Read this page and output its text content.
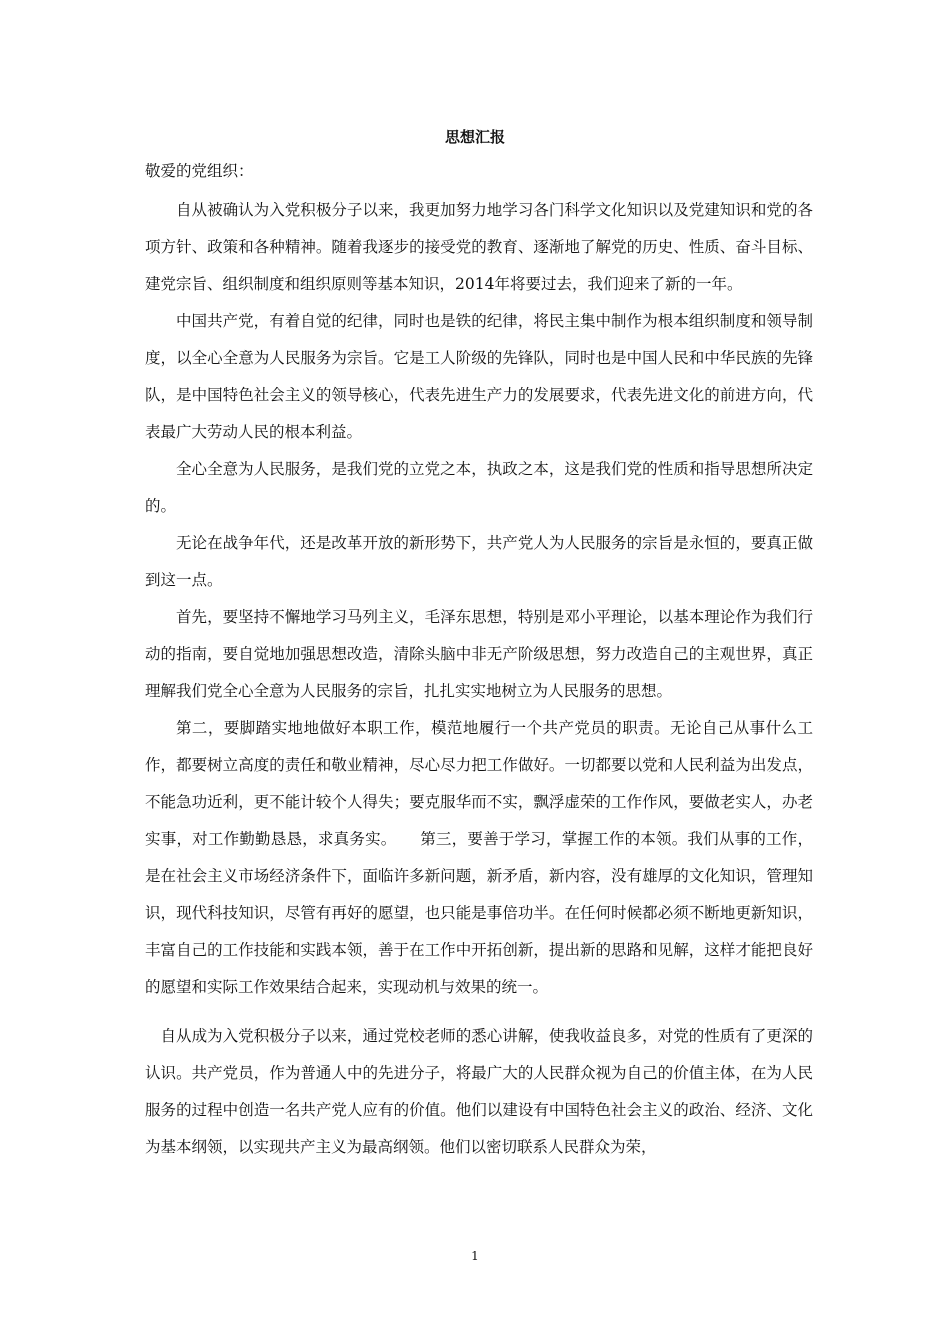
思想汇报
敬爱的党组织：

自从被确认为入党积极分子以来，我更加努力地学习各门科学文化知识以及党建知识和党的各项方针、政策和各种精神。随着我逐步的接受党的教育、逐渐地了解党的历史、性质、奋斗目标、建党宗旨、组织制度和组织原则等基本知识，2014年将要过去，我们迎来了新的一年。

中国共产党，有着自觉的纪律，同时也是铁的纪律，将民主集中制作为根本组织制度和领导制度，以全心全意为人民服务为宗旨。它是工人阶级的先锋队，同时也是中国人民和中华民族的先锋队，是中国特色社会主义的领导核心，代表先进生产力的发展要求，代表先进文化的前进方向，代表最广大劳动人民的根本利益。

全心全意为人民服务，是我们党的立党之本，执政之本，这是我们党的性质和指导思想所决定的。

无论在战争年代，还是改革开放的新形势下，共产党人为人民服务的宗旨是永恒的，要真正做到这一点。

首先，要坚持不懈地学习马列主义，毛泽东思想，特别是邓小平理论，以基本理论作为我们行动的指南，要自觉地加强思想改造，清除头脑中非无产阶级思想，努力改造自己的主观世界，真正理解我们党全心全意为人民服务的宗旨，扎扎实实地树立为人民服务的思想。

第二，要脚踏实地地做好本职工作，模范地履行一个共产党员的职责。无论自己从事什么工作，都要树立高度的责任和敬业精神，尽心尽力把工作做好。一切都要以党和人民利益为出发点，不能急功近利，更不能计较个人得失；要克服华而不实，飘浮虚荣的工作作风，要做老实人，办老实事，对工作勤勤恳恳，求真务实。　　第三，要善于学习，掌握工作的本领。我们从事的工作，是在社会主义市场经济条件下，面临许多新问题，新矛盾，新内容，没有雄厚的文化知识，管理知识，现代科技知识，尽管有再好的愿望，也只能是事倍功半。在任何时候都必须不断地更新知识，丰富自己的工作技能和实践本领，善于在工作中开拓创新，提出新的思路和见解，这样才能把良好的愿望和实际工作效果结合起来，实现动机与效果的统一。

自从成为入党积极分子以来，通过党校老师的悉心讲解，使我收益良多，对党的性质有了更深的认识。共产党员，作为普通人中的先进分子，将最广大的人民群众视为自己的价值主体，在为人民服务的过程中创造一名共产党人应有的价值。他们以建设有中国特色社会主义的政治、经济、文化为基本纲领，以实现共产主义为最高纲领。他们以密切联系人民群众为荣，

1
